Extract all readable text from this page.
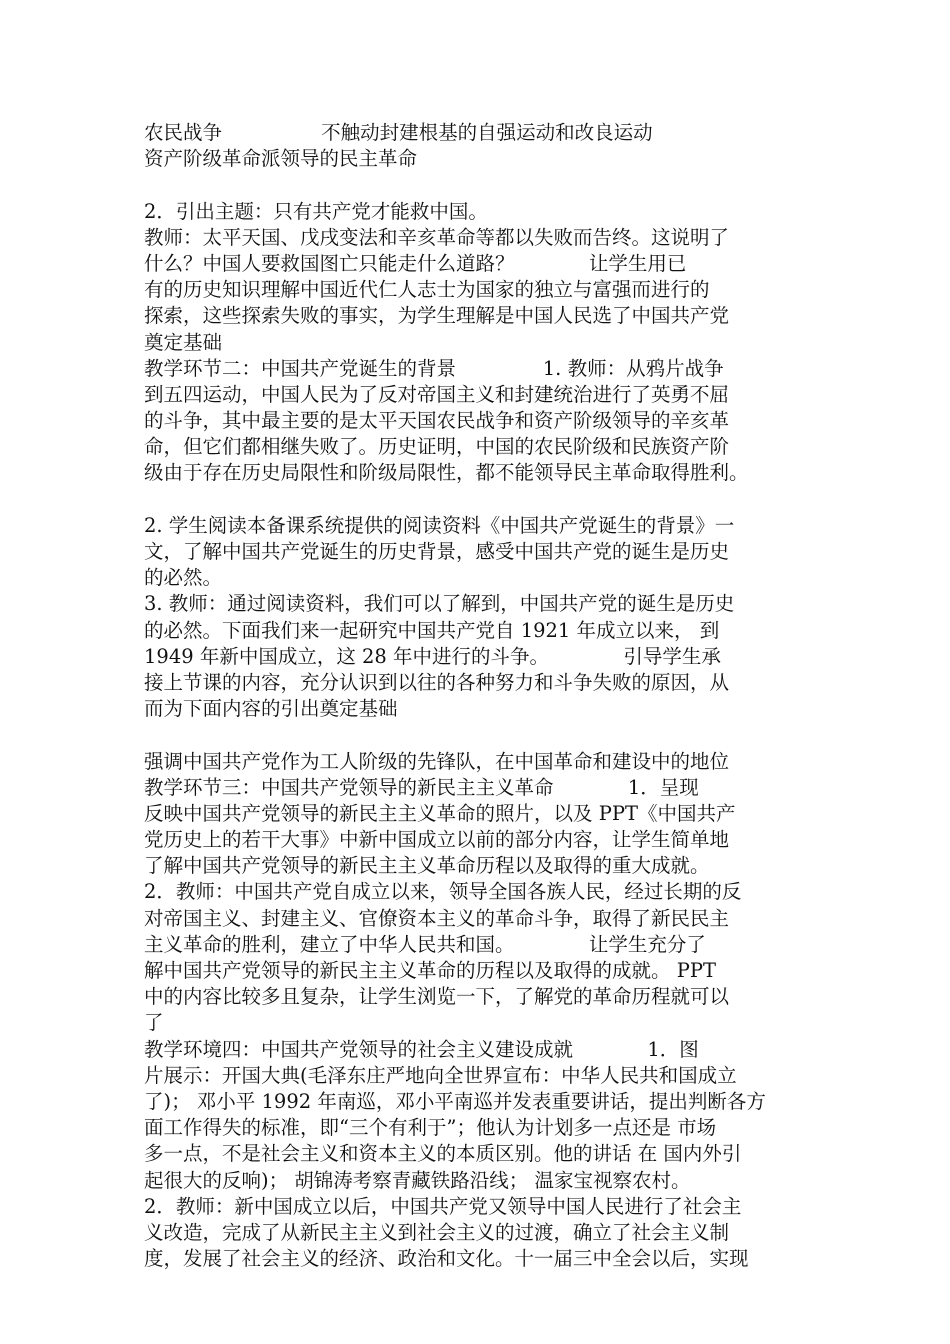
农民战争                不触动封建根基的自强运动和改良运动
资产阶级革命派领导的民主革命
2．引出主题：只有共产党才能救中国。
教师：太平天国、戊戌变法和辛亥革命等都以失败而告终。这说明了
什么？中国人要救国图亡只能走什么道路？            让学生用已
有的历史知识理解中国近代仁人志士为国家的独立与富强而进行的
探索，这些探索失败的事实，为学生理解是中国人民选了中国共产党
奠定基础
教学环节二：中国共产党诞生的背景              1. 教师：从鸦片战争
到五四运动，中国人民为了反对帝国主义和封建统治进行了英勇不屈
的斗争，其中最主要的是太平天国农民战争和资产阶级领导的辛亥革
命，但它们都相继失败了。历史证明，中国的农民阶级和民族资产阶
级由于存在历史局限性和阶级局限性，都不能领导民主革命取得胜利。
2. 学生阅读本备课系统提供的阅读资料《中国共产党诞生的背景》一
文，了解中国共产党诞生的历史背景，感受中国共产党的诞生是历史
的必然。
3. 教师：通过阅读资料，我们可以了解到，中国共产党的诞生是历史
的必然。下面我们来一起研究中国共产党自 1921 年成立以来， 到
1949 年新中国成立，这 28 年中进行的斗争。            引导学生承
接上节课的内容，充分认识到以往的各种努力和斗争失败的原因，从
而为下面内容的引出奠定基础
强调中国共产党作为工人阶级的先锋队，在中国革命和建设中的地位
教学环节三：中国共产党领导的新民主主义革命            1．呈现
反映中国共产党领导的新民主主义革命的照片，以及 PPT《中国共产
党历史上的若干大事》中新中国成立以前的部分内容，让学生简单地
了解中国共产党领导的新民主主义革命历程以及取得的重大成就。
2．教师：中国共产党自成立以来，领导全国各族人民，经过长期的反
对帝国主义、封建主义、官僚资本主义的革命斗争，取得了新民民主
主义革命的胜利，建立了中华人民共和国。            让学生充分了
解中国共产党领导的新民主主义革命的历程以及取得的成就。 PPT
中的内容比较多且复杂，让学生浏览一下，了解党的革命历程就可以
了
教学环境四：中国共产党领导的社会主义建设成就            1．图
片展示：开国大典(毛泽东庄严地向全世界宣布：中华人民共和国成立
了)； 邓小平 1992 年南巡，邓小平南巡并发表重要讲话，提出判断各方
面工作得失的标准，即“三个有利于”；他认为计划多一点还是 市场
多一点，不是社会主义和资本主义的本质区别。他的讲话 在 国内外引
起很大的反响)； 胡锦涛考察青藏铁路沿线； 温家宝视察农村。
2．教师：新中国成立以后，中国共产党又领导中国人民进行了社会主
义改造，完成了从新民主主义到社会主义的过渡，确立了社会主义制
度，发展了社会主义的经济、政治和文化。十一届三中全会以后，实现
